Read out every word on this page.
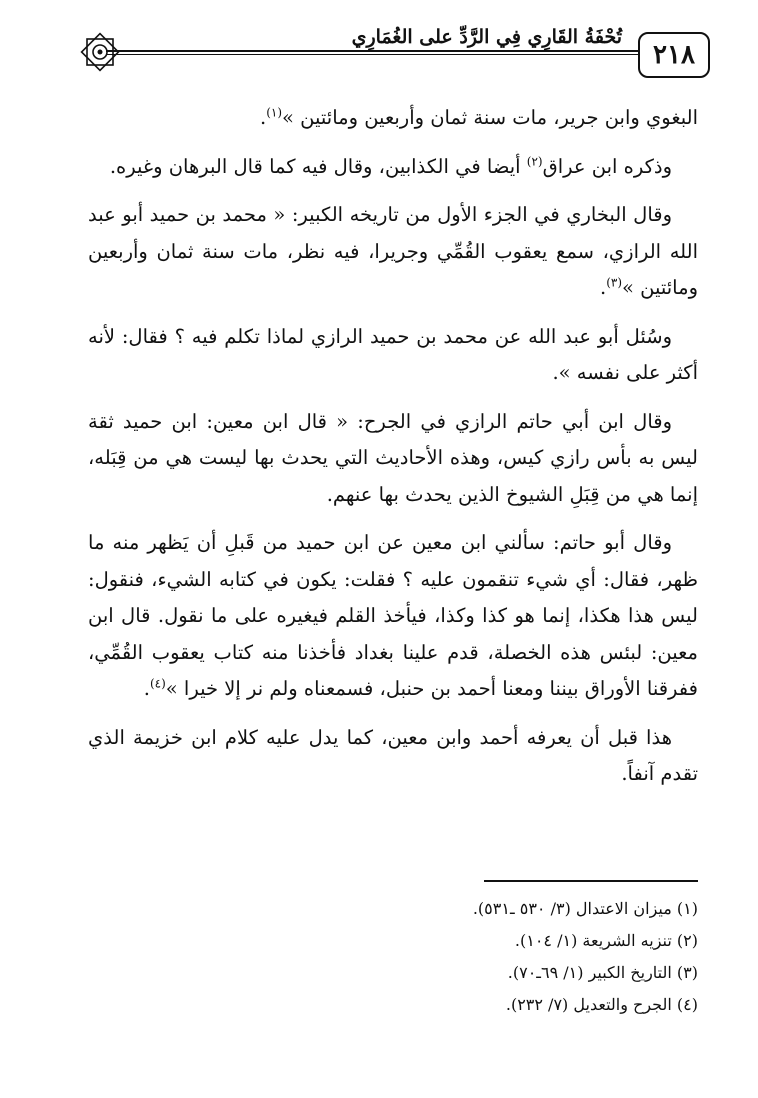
تُحْفَةُ القَارِي فِي الرَّدِّ على الغُمَارِي
٢١٨

البغوي وابن جرير، مات سنة ثمان وأربعين ومائتين »$^{(١)}$.

وذكره ابن عراق$^{(٢)}$ أيضا في الكذابين، وقال فيه كما قال البرهان وغيره.

وقال البخاري في الجزء الأول من تاريخه الكبير: « محمد بن حميد أبو عبد الله الرازي، سمع يعقوب القُمِّي وجريرا، فيه نظر، مات سنة ثمان وأربعين ومائتين »$^{(٣)}$.

وسُئل أبو عبد الله عن محمد بن حميد الرازي لماذا تكلم فيه ؟ فقال: لأنه أكثر على نفسه ».

وقال ابن أبي حاتم الرازي في الجرح: « قال ابن معين: ابن حميد ثقة ليس به بأس رازي كيس، وهذه الأحاديث التي يحدث بها ليست هي من قِبَله، إنما هي من قِبَلِ الشيوخ الذين يحدث بها عنهم.

وقال أبو حاتم: سألني ابن معين عن ابن حميد من قَبلِ أن يَظهر منه ما ظهر، فقال: أي شيء تنقمون عليه ؟ فقلت: يكون في كتابه الشيء، فنقول: ليس هذا هكذا، إنما هو كذا وكذا، فيأخذ القلم فيغيره على ما نقول. قال ابن معين: لبئس هذه الخصلة، قدم علينا بغداد فأخذنا منه كتاب يعقوب القُمِّي، ففرقنا الأوراق بيننا ومعنا أحمد بن حنبل، فسمعناه ولم نر إلا خيرا »$^{(٤)}$.

هذا قبل أن يعرفه أحمد وابن معين، كما يدل عليه كلام ابن خزيمة الذي تقدم آنفاً.

(١) ميزان الاعتدال (٣/ ٥٣٠ ـ٥٣١).
(٢) تنزيه الشريعة (١/ ١٠٤).
(٣) التاريخ الكبير (١/ ٦٩ـ٧٠).
(٤) الجرح والتعديل (٧/ ٢٣٢).
